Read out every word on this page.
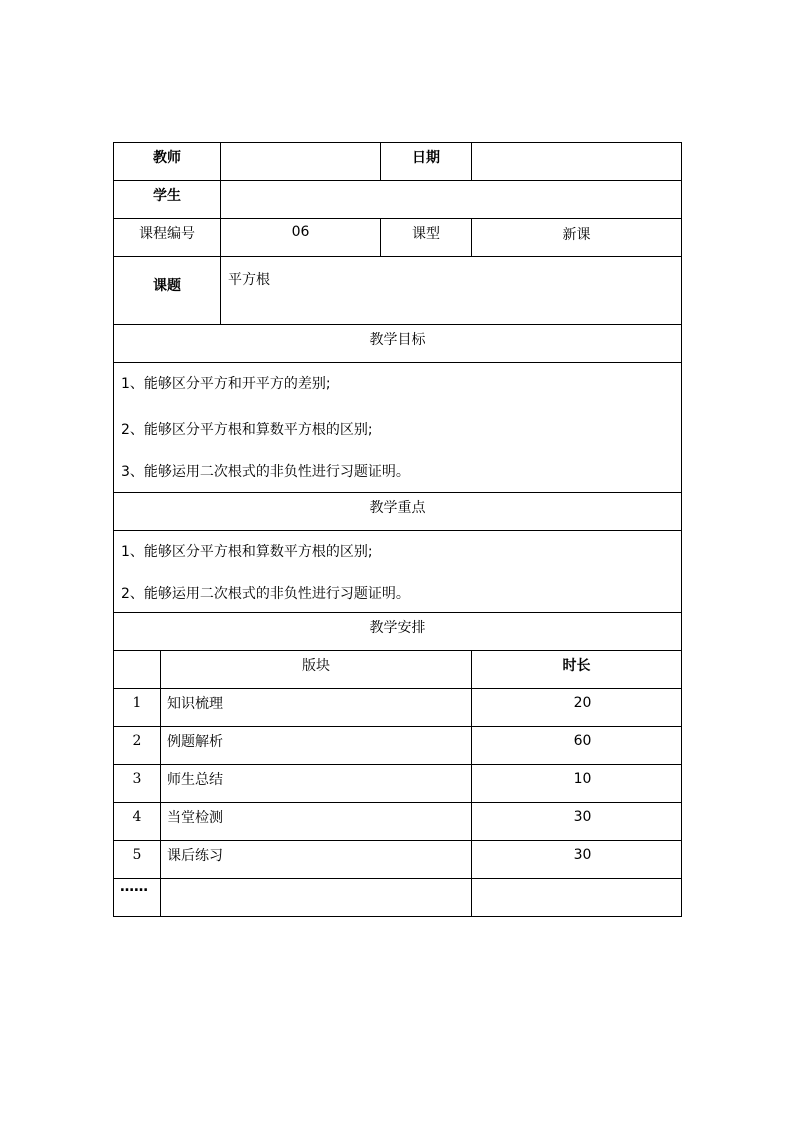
教师			日期	
学生				
课程编号		06	课型	新课
课题		平方根		
教学目标				

1、能够区分平方和开平方的差别;

2、能够区分平方根和算数平方根的区别;

3、能够运用二次根式的非负性进行习题证明。				

教学重点				

1、能够区分平方根和算数平方根的区别;

2、能够运用二次根式的非负性进行习题证明。				

教学安排				
	版块			时长
1	知识梳理			20
2	例题解析			60
3	师生总结			10
4	当堂检测			30
5	课后练习			30
……				
